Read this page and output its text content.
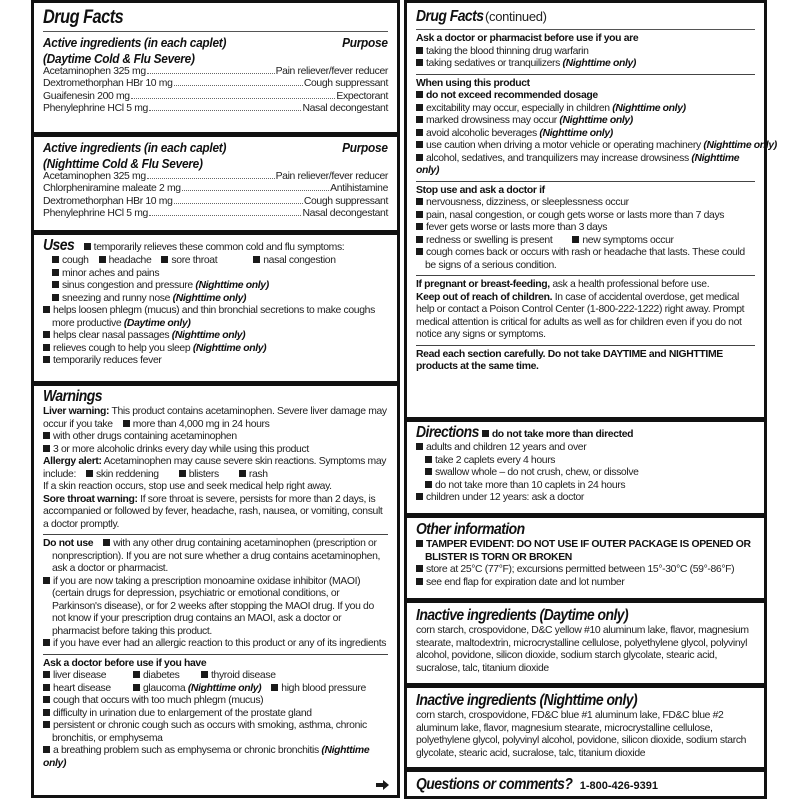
Drug Facts
Active ingredients (in each caplet)	Purpose
(Daytime Cold & Flu Severe)
Acetaminophen 325 mg	Pain reliever/fever reducer
Dextromethorphan HBr 10 mg	Cough suppressant
Guaifenesin 200 mg	Expectorant
Phenylephrine HCl 5 mg	Nasal decongestant
Active ingredients (in each caplet)	Purpose
(Nighttime Cold & Flu Severe)
Acetaminophen 325 mg	Pain reliever/fever reducer
Chlorpheniramine maleate 2 mg	Antihistamine
Dextromethorphan HBr 10 mg	Cough suppressant
Phenylephrine HCl 5 mg	Nasal decongestant
Uses temporarily relieves these common cold and flu symptoms:
cough headache sore throat	nasal congestion
minor aches and pains
sinus congestion and pressure (Nighttime only)
sneezing and runny nose (Nighttime only)
helps loosen phlegm (mucus) and thin bronchial secretions to make coughs more productive (Daytime only)
helps clear nasal passages (Nighttime only)
relieves cough to help you sleep (Nighttime only)
temporarily reduces fever
Warnings
Liver warning: This product contains acetaminophen. Severe liver damage may occur if you take more than 4,000 mg in 24 hours
with other drugs containing acetaminophen
3 or more alcoholic drinks every day while using this product
Allergy alert: Acetaminophen may cause severe skin reactions. Symptoms may include: skin reddening	blisters	rash
If a skin reaction occurs, stop use and seek medical help right away.
Sore throat warning: If sore throat is severe, persists for more than 2 days, is accompanied or followed by fever, headache, rash, nausea, or vomiting, consult a doctor promptly.
Do not use with any other drug containing acetaminophen (prescription or nonprescription). If you are not sure whether a drug contains acetaminophen, ask a doctor or pharmacist.
if you are now taking a prescription monoamine oxidase inhibitor (MAOI) (certain drugs for depression, psychiatric or emotional conditions, or Parkinson's disease), or for 2 weeks after stopping the MAOI drug. If you do not know if your prescription drug contains an MAOI, ask a doctor or pharmacist before taking this product.
if you have ever had an allergic reaction to this product or any of its ingredients
Ask a doctor before use if you have
liver disease	diabetes	thyroid disease
heart disease	glaucoma (Nighttime only) high blood pressure
cough that occurs with too much phlegm (mucus)
difficulty in urination due to enlargement of the prostate gland
persistent or chronic cough such as occurs with smoking, asthma, chronic bronchitis, or emphysema
a breathing problem such as emphysema or chronic bronchitis (Nighttime only)
Drug Facts(continued)
Ask a doctor or pharmacist before use if you are
taking the blood thinning drug warfarin
taking sedatives or tranquilizers (Nighttime only)
When using this product
do not exceed recommended dosage
excitability may occur, especially in children (Nighttime only)
marked drowsiness may occur (Nighttime only)
avoid alcoholic beverages (Nighttime only)
use caution when driving a motor vehicle or operating machinery (Nighttime only)
alcohol, sedatives, and tranquilizers may increase drowsiness (Nighttime only)
Stop use and ask a doctor if
nervousness, dizziness, or sleeplessness occur
pain, nasal congestion, or cough gets worse or lasts more than 7 days
fever gets worse or lasts more than 3 days
redness or swelling is present	new symptoms occur
cough comes back or occurs with rash or headache that lasts. These could be signs of a serious condition.
If pregnant or breast-feeding, ask a health professional before use.
Keep out of reach of children. In case of accidental overdose, get medical help or contact a Poison Control Center (1-800-222-1222) right away. Prompt medical attention is critical for adults as well as for children even if you do not notice any signs or symptoms.
Read each section carefully. Do not take DAYTIME and NIGHTTIME products at the same time.
Directions do not take more than directed
adults and children 12 years and over
take 2 caplets every 4 hours
swallow whole – do not crush, chew, or dissolve
do not take more than 10 caplets in 24 hours
children under 12 years: ask a doctor
Other information
TAMPER EVIDENT: DO NOT USE IF OUTER PACKAGE IS OPENED OR BLISTER IS TORN OR BROKEN
store at 25°C (77°F); excursions permitted between 15°-30°C (59°-86°F)
see end flap for expiration date and lot number
Inactive ingredients (Daytime only)
corn starch, crospovidone, D&C yellow #10 aluminum lake, flavor, magnesium stearate, maltodextrin, microcrystalline cellulose, polyethylene glycol, polyvinyl alcohol, povidone, silicon dioxide, sodium starch glycolate, stearic acid, sucralose, talc, titanium dioxide
Inactive ingredients (Nighttime only)
corn starch, crospovidone, FD&C blue #1 aluminum lake, FD&C blue #2 aluminum lake, flavor, magnesium stearate, microcrystalline cellulose, polyethylene glycol, polyvinyl alcohol, povidone, silicon dioxide, sodium starch glycolate, stearic acid, sucralose, talc, titanium dioxide
Questions or comments? 1-800-426-9391
